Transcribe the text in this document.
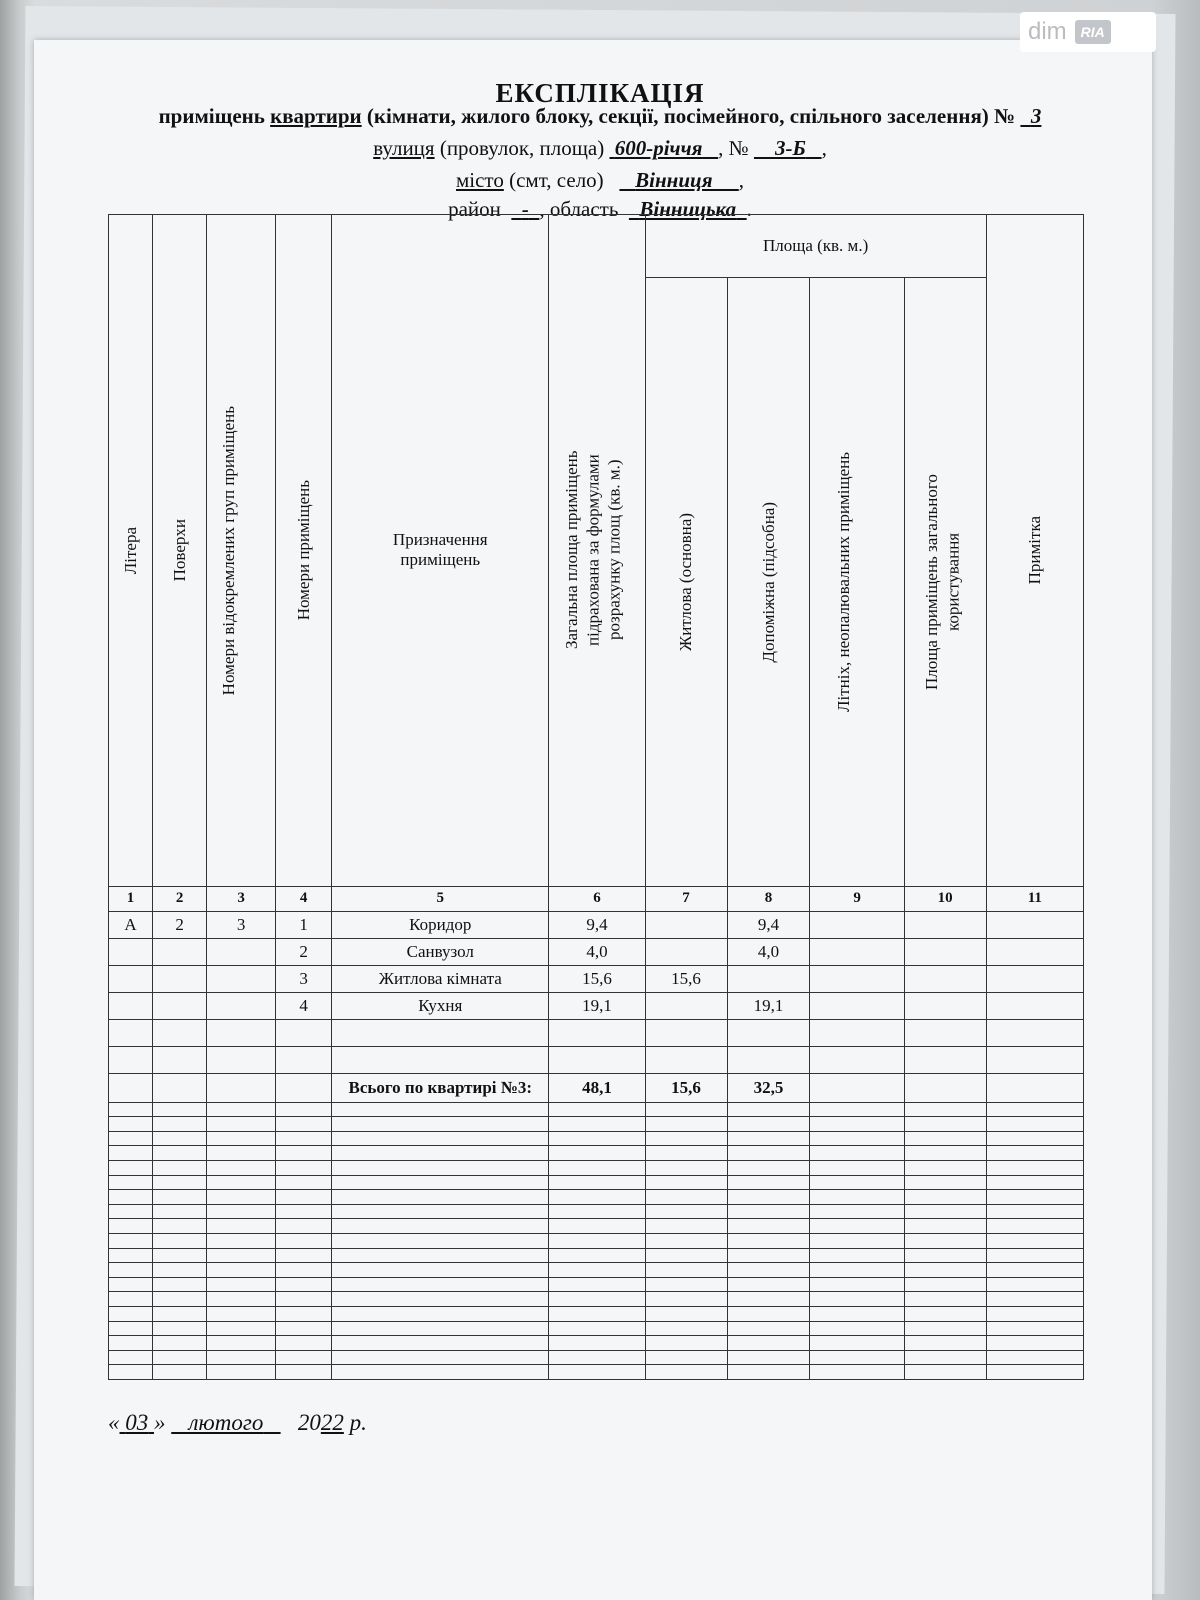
dim	RIA
ЕКСПЛІКАЦІЯ
приміщень квартири (кімнати, жилого блоку, секції, посімейного, спільного заселення) №   3
вулиця (провулок, площа)  600-річчя , №     3-Б ,
місто (смт, село)      Вінниця ,
район    - , область    Вінницька .
Літера	Поверхи	Номери відокремлених груп приміщень	Номери приміщень	Призначення приміщень	Загальна площа приміщень підрахована за формулами розрахунку площ (кв. м.)	Площа (кв. м.)				Примітка

						Житлова (основна)	Допоміжна (підсобна)	Літніх, неопалювальних приміщень	Площа приміщень загального користування	

1	2	3	4	5	6	7	8	9	10	11
А	2	3	1	Коридор	9,4		9,4			
			2	Санвузол	4,0		4,0			
			3	Житлова кімната	15,6	15,6				
			4	Кухня	19,1		19,1			

				Всього по квартирі №3:	48,1	15,6	32,5			

« 03 » лютого 2022 р.
